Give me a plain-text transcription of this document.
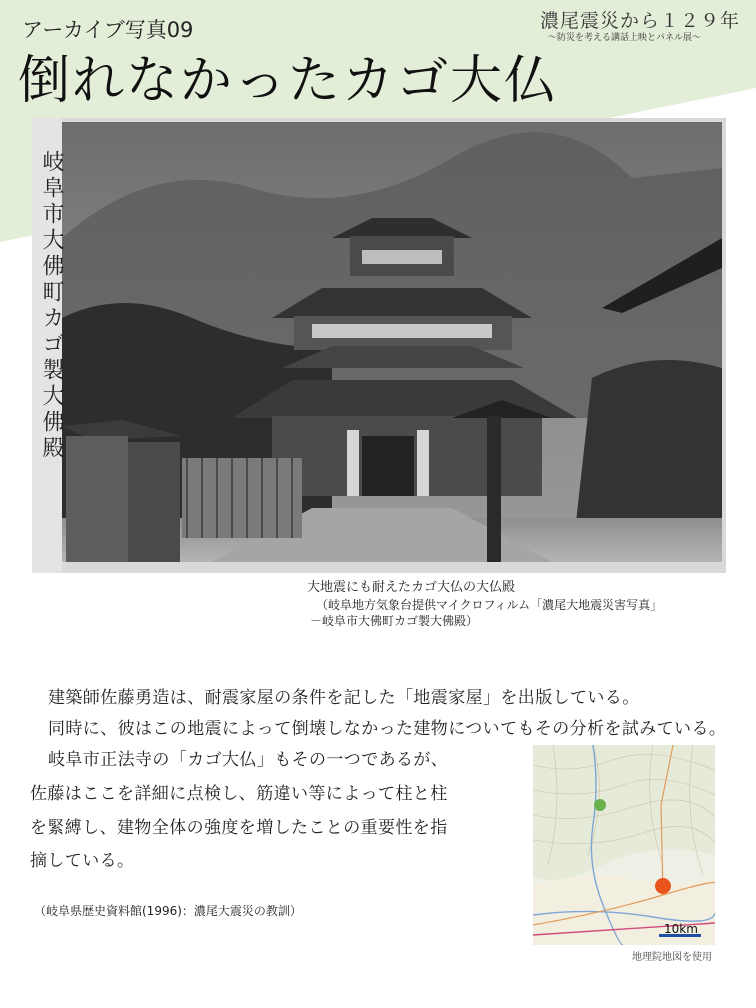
アーカイブ写真09
倒れなかったカゴ大仏
濃尾震災から１２９年
～防災を考える講話上映とパネル展～
大地震にも耐えたカゴ大仏の大仏殿
（岐阜地方気象台提供マイクロフィルム「濃尾大地震災害写真」
－岐阜市大佛町カゴ製大佛殿）
岐阜市大佛町カゴ製大佛殿
建築師佐藤勇造は、耐震家屋の条件を記した「地震家屋」を出版している。
同時に、彼はこの地震によって倒壊しなかった建物についてもその分析を試みている。
岐阜市正法寺の「カゴ大仏」もその一つであるが、
佐藤はここを詳細に点検し、筋違い等によって柱と柱
を緊縛し、建物全体の強度を増したことの重要性を指
摘している。
（岐阜県歴史資料館(1996)：濃尾大震災の教訓）
10km
地理院地図を使用
